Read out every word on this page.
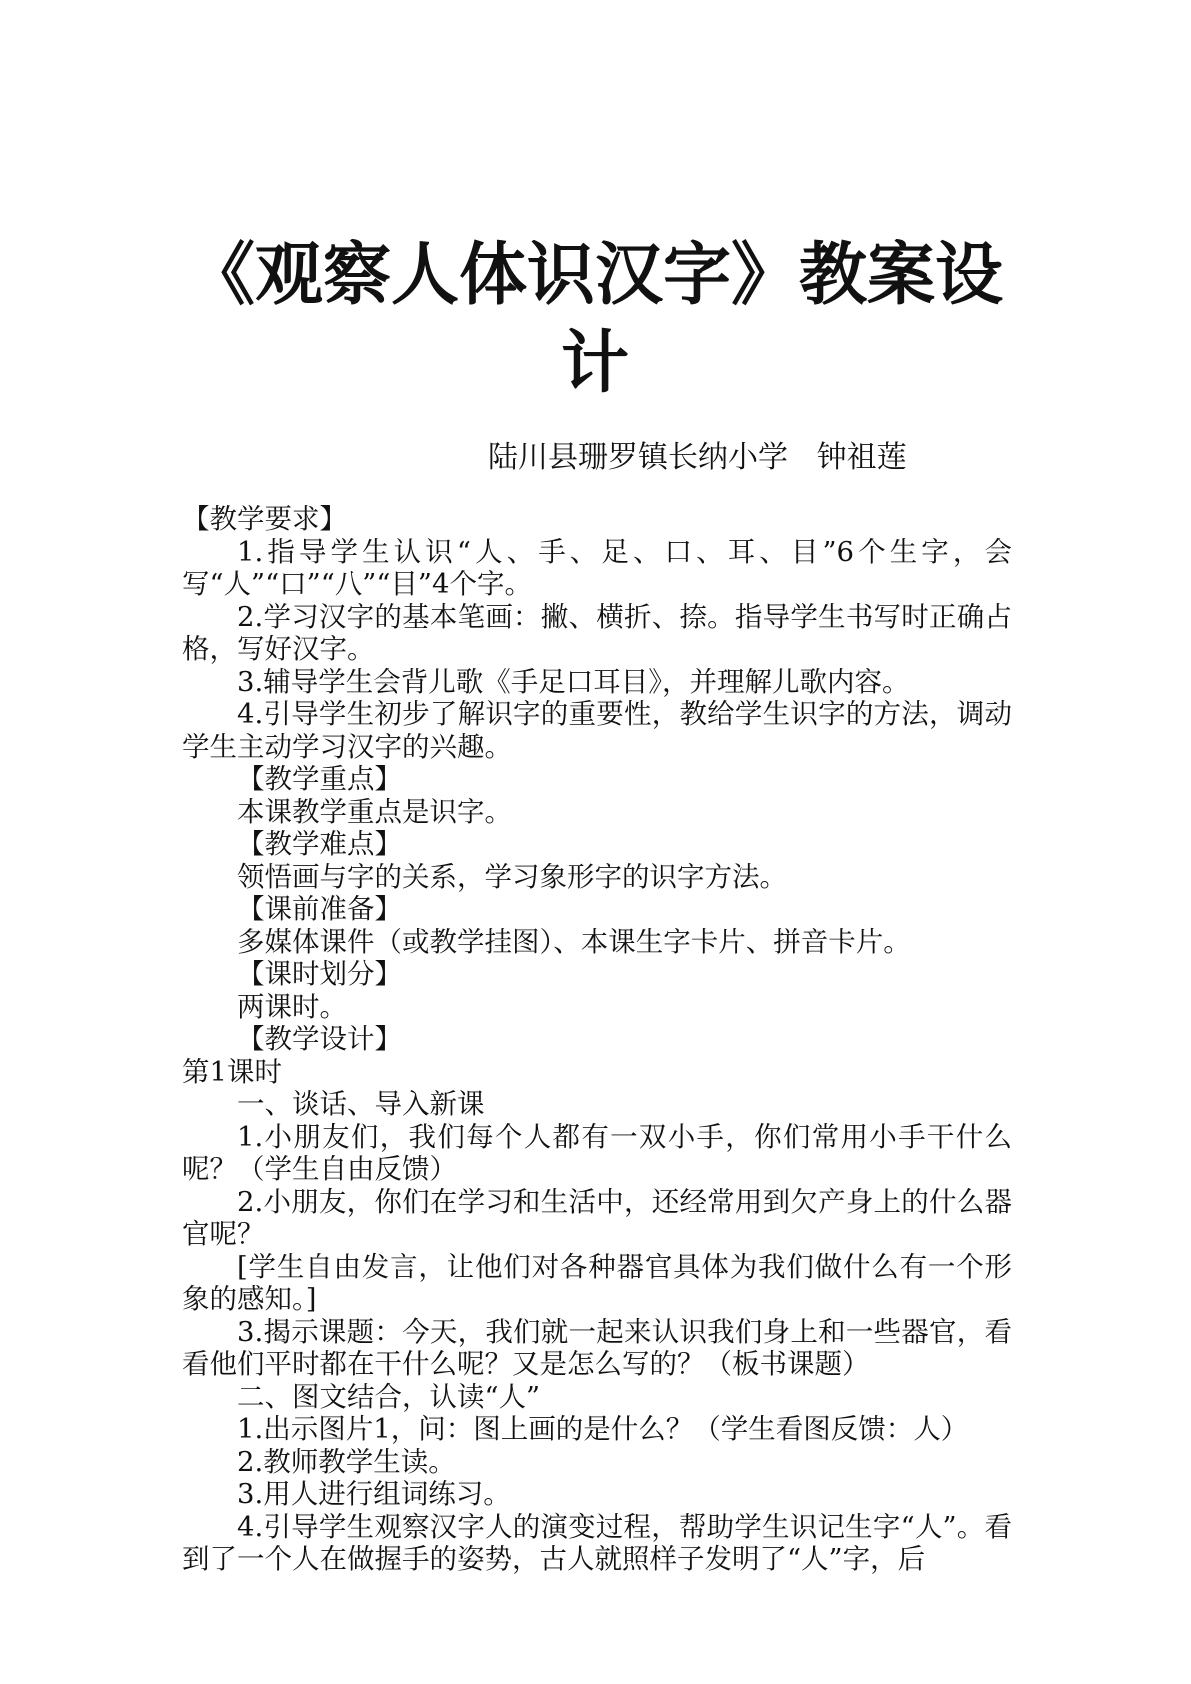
《观察人体识汉字》教案设计
陆川县珊罗镇长纳小学   钟祖莲

【教学要求】

1.指导学生认识“人、手、足、口、耳、目”6个生字，会写“人”“口”“八”“目”4个字。

2.学习汉字的基本笔画：撇、横折、捺。指导学生书写时正确占格，写好汉字。

3.辅导学生会背儿歌《手足口耳目》，并理解儿歌内容。

4.引导学生初步了解识字的重要性，教给学生识字的方法，调动学生主动学习汉字的兴趣。

【教学重点】

本课教学重点是识字。

【教学难点】

领悟画与字的关系，学习象形字的识字方法。

【课前准备】

多媒体课件（或教学挂图）、本课生字卡片、拼音卡片。

【课时划分】

两课时。

【教学设计】

第1课时

一、谈话、导入新课

1.小朋友们，我们每个人都有一双小手，你们常用小手干什么呢？（学生自由反馈）

2.小朋友，你们在学习和生活中，还经常用到欠产身上的什么器官呢？

[学生自由发言，让他们对各种器官具体为我们做什么有一个形象的感知。]

3.揭示课题：今天，我们就一起来认识我们身上和一些器官，看看他们平时都在干什么呢？又是怎么写的？（板书课题）

二、图文结合，认读“人”

1.出示图片1，问：图上画的是什么？（学生看图反馈：人）

2.教师教学生读。

3.用人进行组词练习。

4.引导学生观察汉字人的演变过程，帮助学生识记生字“人”。看到了一个人在做握手的姿势，古人就照样子发明了“人”字，后
